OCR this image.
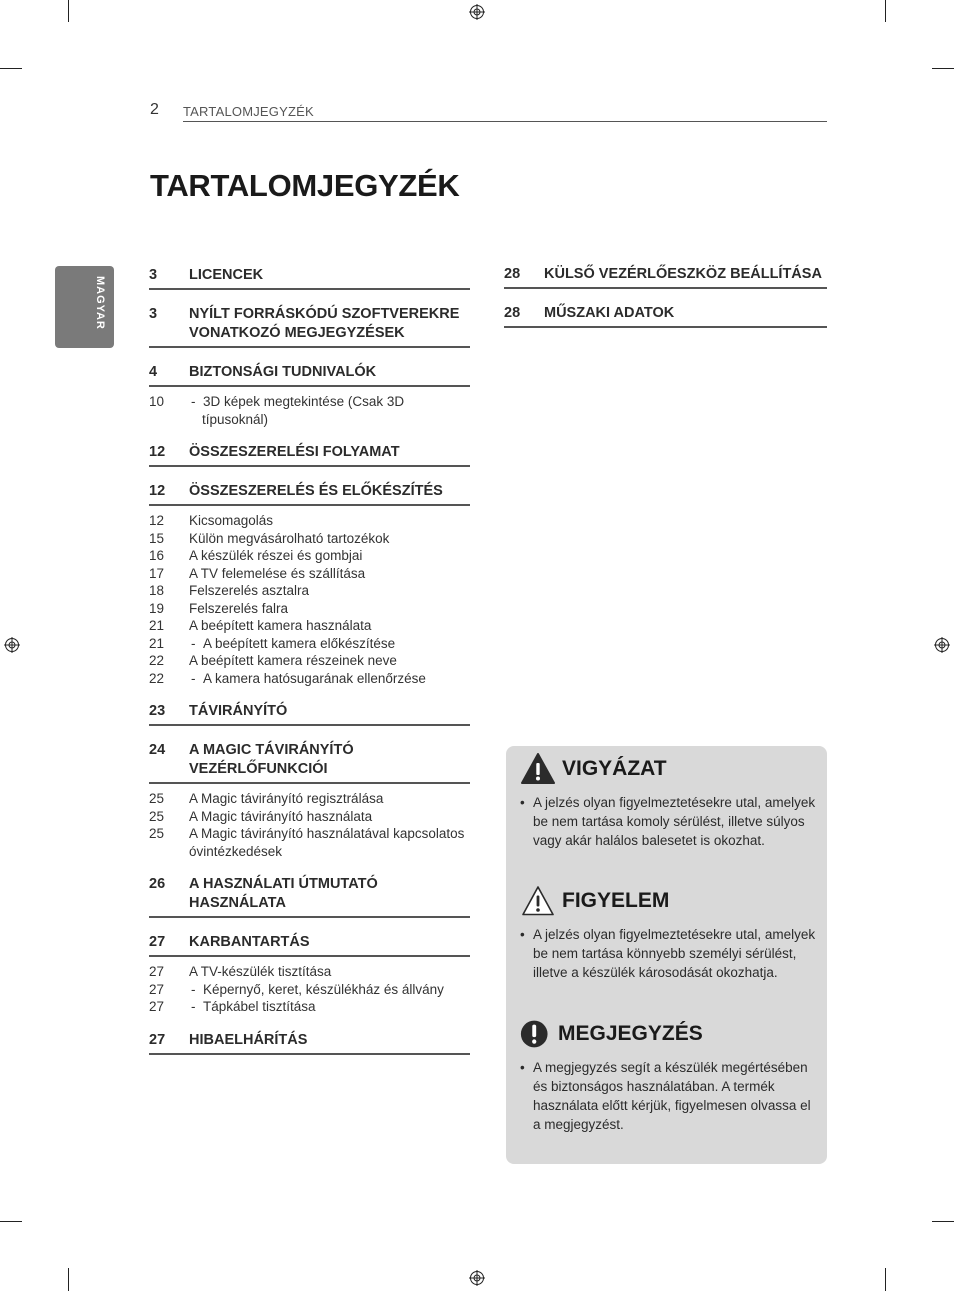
2 TARTALOMJEGYZÉK
TARTALOMJEGYZÉK
MAGYAR
3	LICENCEK
3	NYÍLT FORRÁSKÓDÚ SZOFTVEREKRE VONATKOZÓ MEGJEGYZÉSEK
4	BIZTONSÁGI TUDNIVALÓK
10	-  3D képek megtekintése (Csak 3D típusoknál)
12	ÖSSZESZERELÉSI FOLYAMAT
12	ÖSSZESZERELÉS ÉS ELŐKÉSZÍTÉS
12	Kicsomagolás
15	Külön megvásárolható tartozékok
16	A készülék részei és gombjai
17	A TV felemelése és szállítása
18	Felszerelés asztalra
19	Felszerelés falra
21	A beépített kamera használata
21	-  A beépített kamera előkészítése
22	A beépített kamera részeinek neve
22	-  A kamera hatósugarának ellenőrzése
23	TÁVIRÁNYÍTÓ
24	A MAGIC TÁVIRÁNYÍTÓ VEZÉRLŐFUNKCIÓI
25	A Magic távirányító regisztrálása
25	A Magic távirányító használata
25	A Magic távirányító használatával kapcsolatos óvintézkedések
26	A HASZNÁLATI ÚTMUTATÓ HASZNÁLATA
27	KARBANTARTÁS
27	A TV-készülék tisztítása
27	-  Képernyő, keret, készülékház és állvány
27	-  Tápkábel tisztítása
27	HIBAELHÁRÍTÁS
28	KÜLSŐ VEZÉRLŐESZKÖZ BEÁLLÍTÁSA
28	MŰSZAKI ADATOK
VIGYÁZAT

• A jelzés olyan figyelmeztetésekre utal, amelyek be nem tartása komoly sérülést, illetve súlyos vagy akár halálos balesetet is okozhat.

FIGYELEM

• A jelzés olyan figyelmeztetésekre utal, amelyek be nem tartása könnyebb személyi sérülést, illetve a készülék károsodását okozhatja.

MEGJEGYZÉS

• A megjegyzés segít a készülék megértésében és biztonságos használatában. A termék használata előtt kérjük, figyelmesen olvassa el a megjegyzést.
